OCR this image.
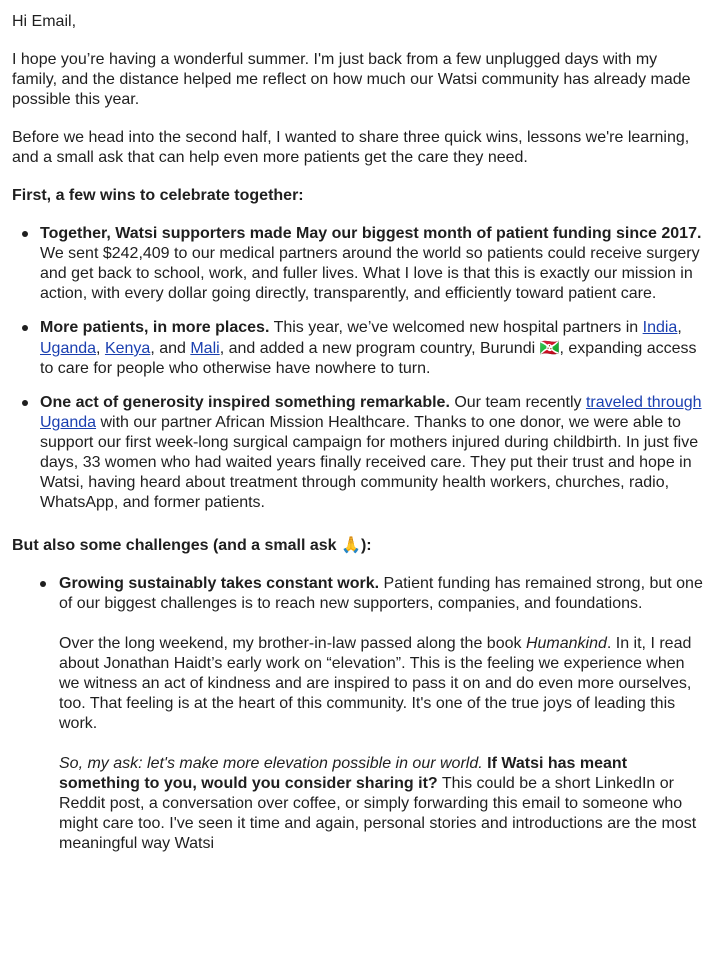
Hi Email,

I hope you’re having a wonderful summer. I'm just back from a few unplugged days with my family, and the distance helped me reflect on how much our Watsi community has already made possible this year.

Before we head into the second half, I wanted to share three quick wins, lessons we're learning, and a small ask that can help even more patients get the care they need.

First, a few wins to celebrate together:

Together, Watsi supporters made May our biggest month of patient funding since 2017. We sent $242,409 to our medical partners around the world so patients could receive surgery and get back to school, work, and fuller lives. What I love is that this is exactly our mission in action, with every dollar going directly, transparently, and efficiently toward patient care.
More patients, in more places. This year, we’ve welcomed new hospital partners in India, Uganda, Kenya, and Mali, and added a new program country, Burundi 🇧🇮, expanding access to care for people who otherwise have nowhere to turn.
One act of generosity inspired something remarkable. Our team recently traveled through Uganda with our partner African Mission Healthcare. Thanks to one donor, we were able to support our first week-long surgical campaign for mothers injured during childbirth. In just five days, 33 women who had waited years finally received care. They put their trust and hope in Watsi, having heard about treatment through community health workers, churches, radio, WhatsApp, and former patients.

But also some challenges (and a small ask 🙏):

Growing sustainably takes constant work. Patient funding has remained strong, but one of our biggest challenges is to reach new supporters, companies, and foundations.

Over the long weekend, my brother-in-law passed along the book Humankind. In it, I read about Jonathan Haidt’s early work on “elevation”. This is the feeling we experience when we witness an act of kindness and are inspired to pass it on and do even more ourselves, too. That feeling is at the heart of this community. It's one of the true joys of leading this work.

So, my ask: let's make more elevation possible in our world. If Watsi has meant something to you, would you consider sharing it? This could be a short LinkedIn or Reddit post, a conversation over coffee, or simply forwarding this email to someone who might care too. I've seen it time and again, personal stories and introductions are the most meaningful way Watsi
